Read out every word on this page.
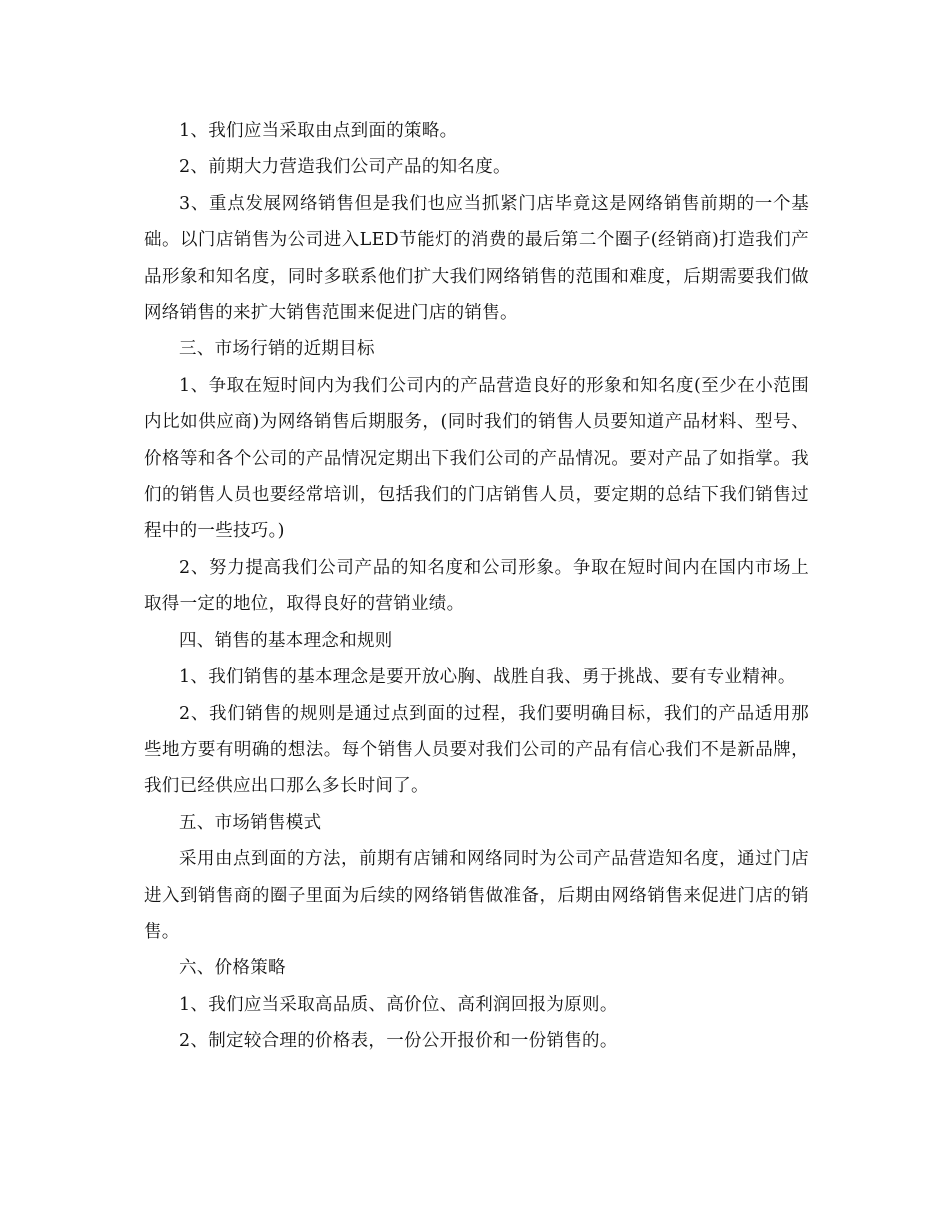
1、我们应当采取由点到面的策略。

2、前期大力营造我们公司产品的知名度。

3、重点发展网络销售但是我们也应当抓紧门店毕竟这是网络销售前期的一个基础。以门店销售为公司进入LED节能灯的消费的最后第二个圈子(经销商)打造我们产品形象和知名度，同时多联系他们扩大我们网络销售的范围和难度，后期需要我们做网络销售的来扩大销售范围来促进门店的销售。

三、市场行销的近期目标

1、争取在短时间内为我们公司内的产品营造良好的形象和知名度(至少在小范围内比如供应商)为网络销售后期服务，(同时我们的销售人员要知道产品材料、型号、价格等和各个公司的产品情况定期出下我们公司的产品情况。要对产品了如指掌。我们的销售人员也要经常培训，包括我们的门店销售人员，要定期的总结下我们销售过程中的一些技巧。)

2、努力提高我们公司产品的知名度和公司形象。争取在短时间内在国内市场上取得一定的地位，取得良好的营销业绩。

四、销售的基本理念和规则

1、我们销售的基本理念是要开放心胸、战胜自我、勇于挑战、要有专业精神。

2、我们销售的规则是通过点到面的过程，我们要明确目标，我们的产品适用那些地方要有明确的想法。每个销售人员要对我们公司的产品有信心我们不是新品牌，我们已经供应出口那么多长时间了。

五、市场销售模式

采用由点到面的方法，前期有店铺和网络同时为公司产品营造知名度，通过门店进入到销售商的圈子里面为后续的网络销售做准备，后期由网络销售来促进门店的销售。

六、价格策略

1、我们应当采取高品质、高价位、高利润回报为原则。

2、制定较合理的价格表，一份公开报价和一份销售的。
